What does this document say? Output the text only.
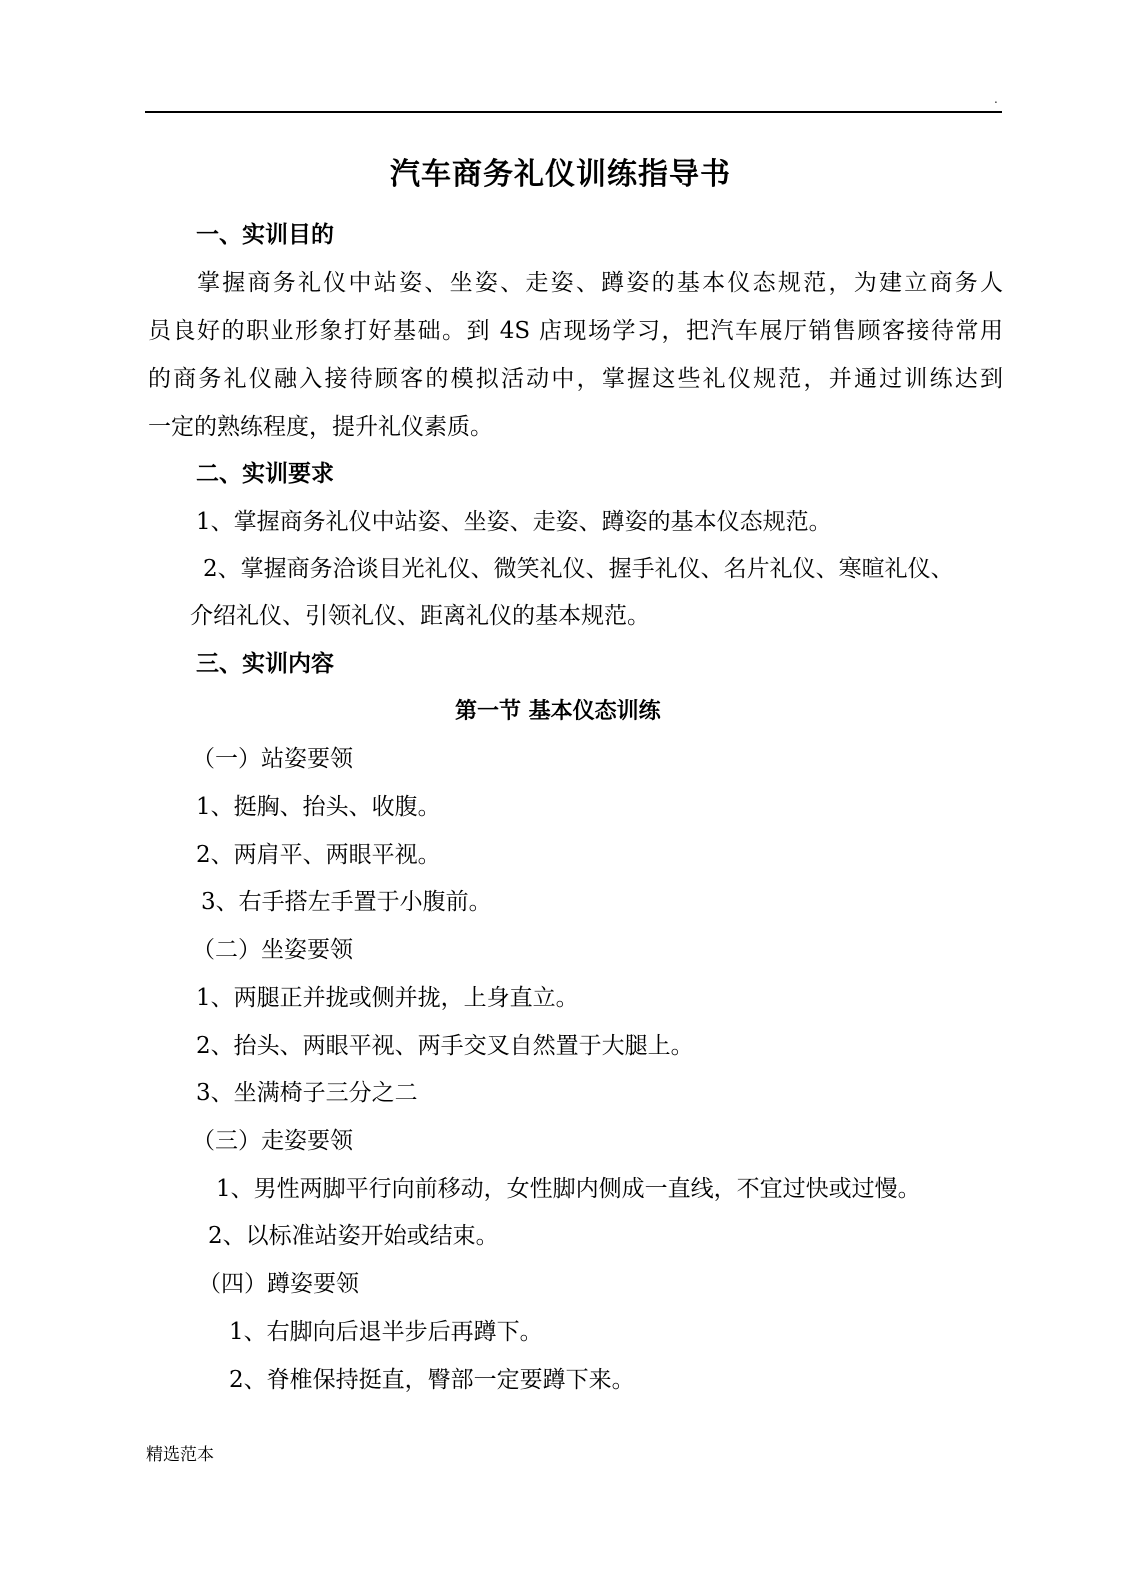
.
汽车商务礼仪训练指导书
一、实训目的
掌握商务礼仪中站姿、坐姿、走姿、蹲姿的基本仪态规范，为建立商务人
员良好的职业形象打好基础。到 4S 店现场学习，把汽车展厅销售顾客接待常用
的商务礼仪融入接待顾客的模拟活动中，掌握这些礼仪规范，并通过训练达到
一定的熟练程度，提升礼仪素质。
二、实训要求
1、掌握商务礼仪中站姿、坐姿、走姿、蹲姿的基本仪态规范。
2、掌握商务洽谈目光礼仪、微笑礼仪、握手礼仪、名片礼仪、寒暄礼仪、
介绍礼仪、引领礼仪、距离礼仪的基本规范。
三、实训内容
第一节 基本仪态训练
（一）站姿要领
1、挺胸、抬头、收腹。
2、两肩平、两眼平视。
3、右手搭左手置于小腹前。
（二）坐姿要领
1、两腿正并拢或侧并拢，上身直立。
2、抬头、两眼平视、两手交叉自然置于大腿上。
3、坐满椅子三分之二
（三）走姿要领
1、男性两脚平行向前移动，女性脚内侧成一直线，不宜过快或过慢。
2、以标准站姿开始或结束。
（四）蹲姿要领
1、右脚向后退半步后再蹲下。
2、脊椎保持挺直，臀部一定要蹲下来。
精选范本
